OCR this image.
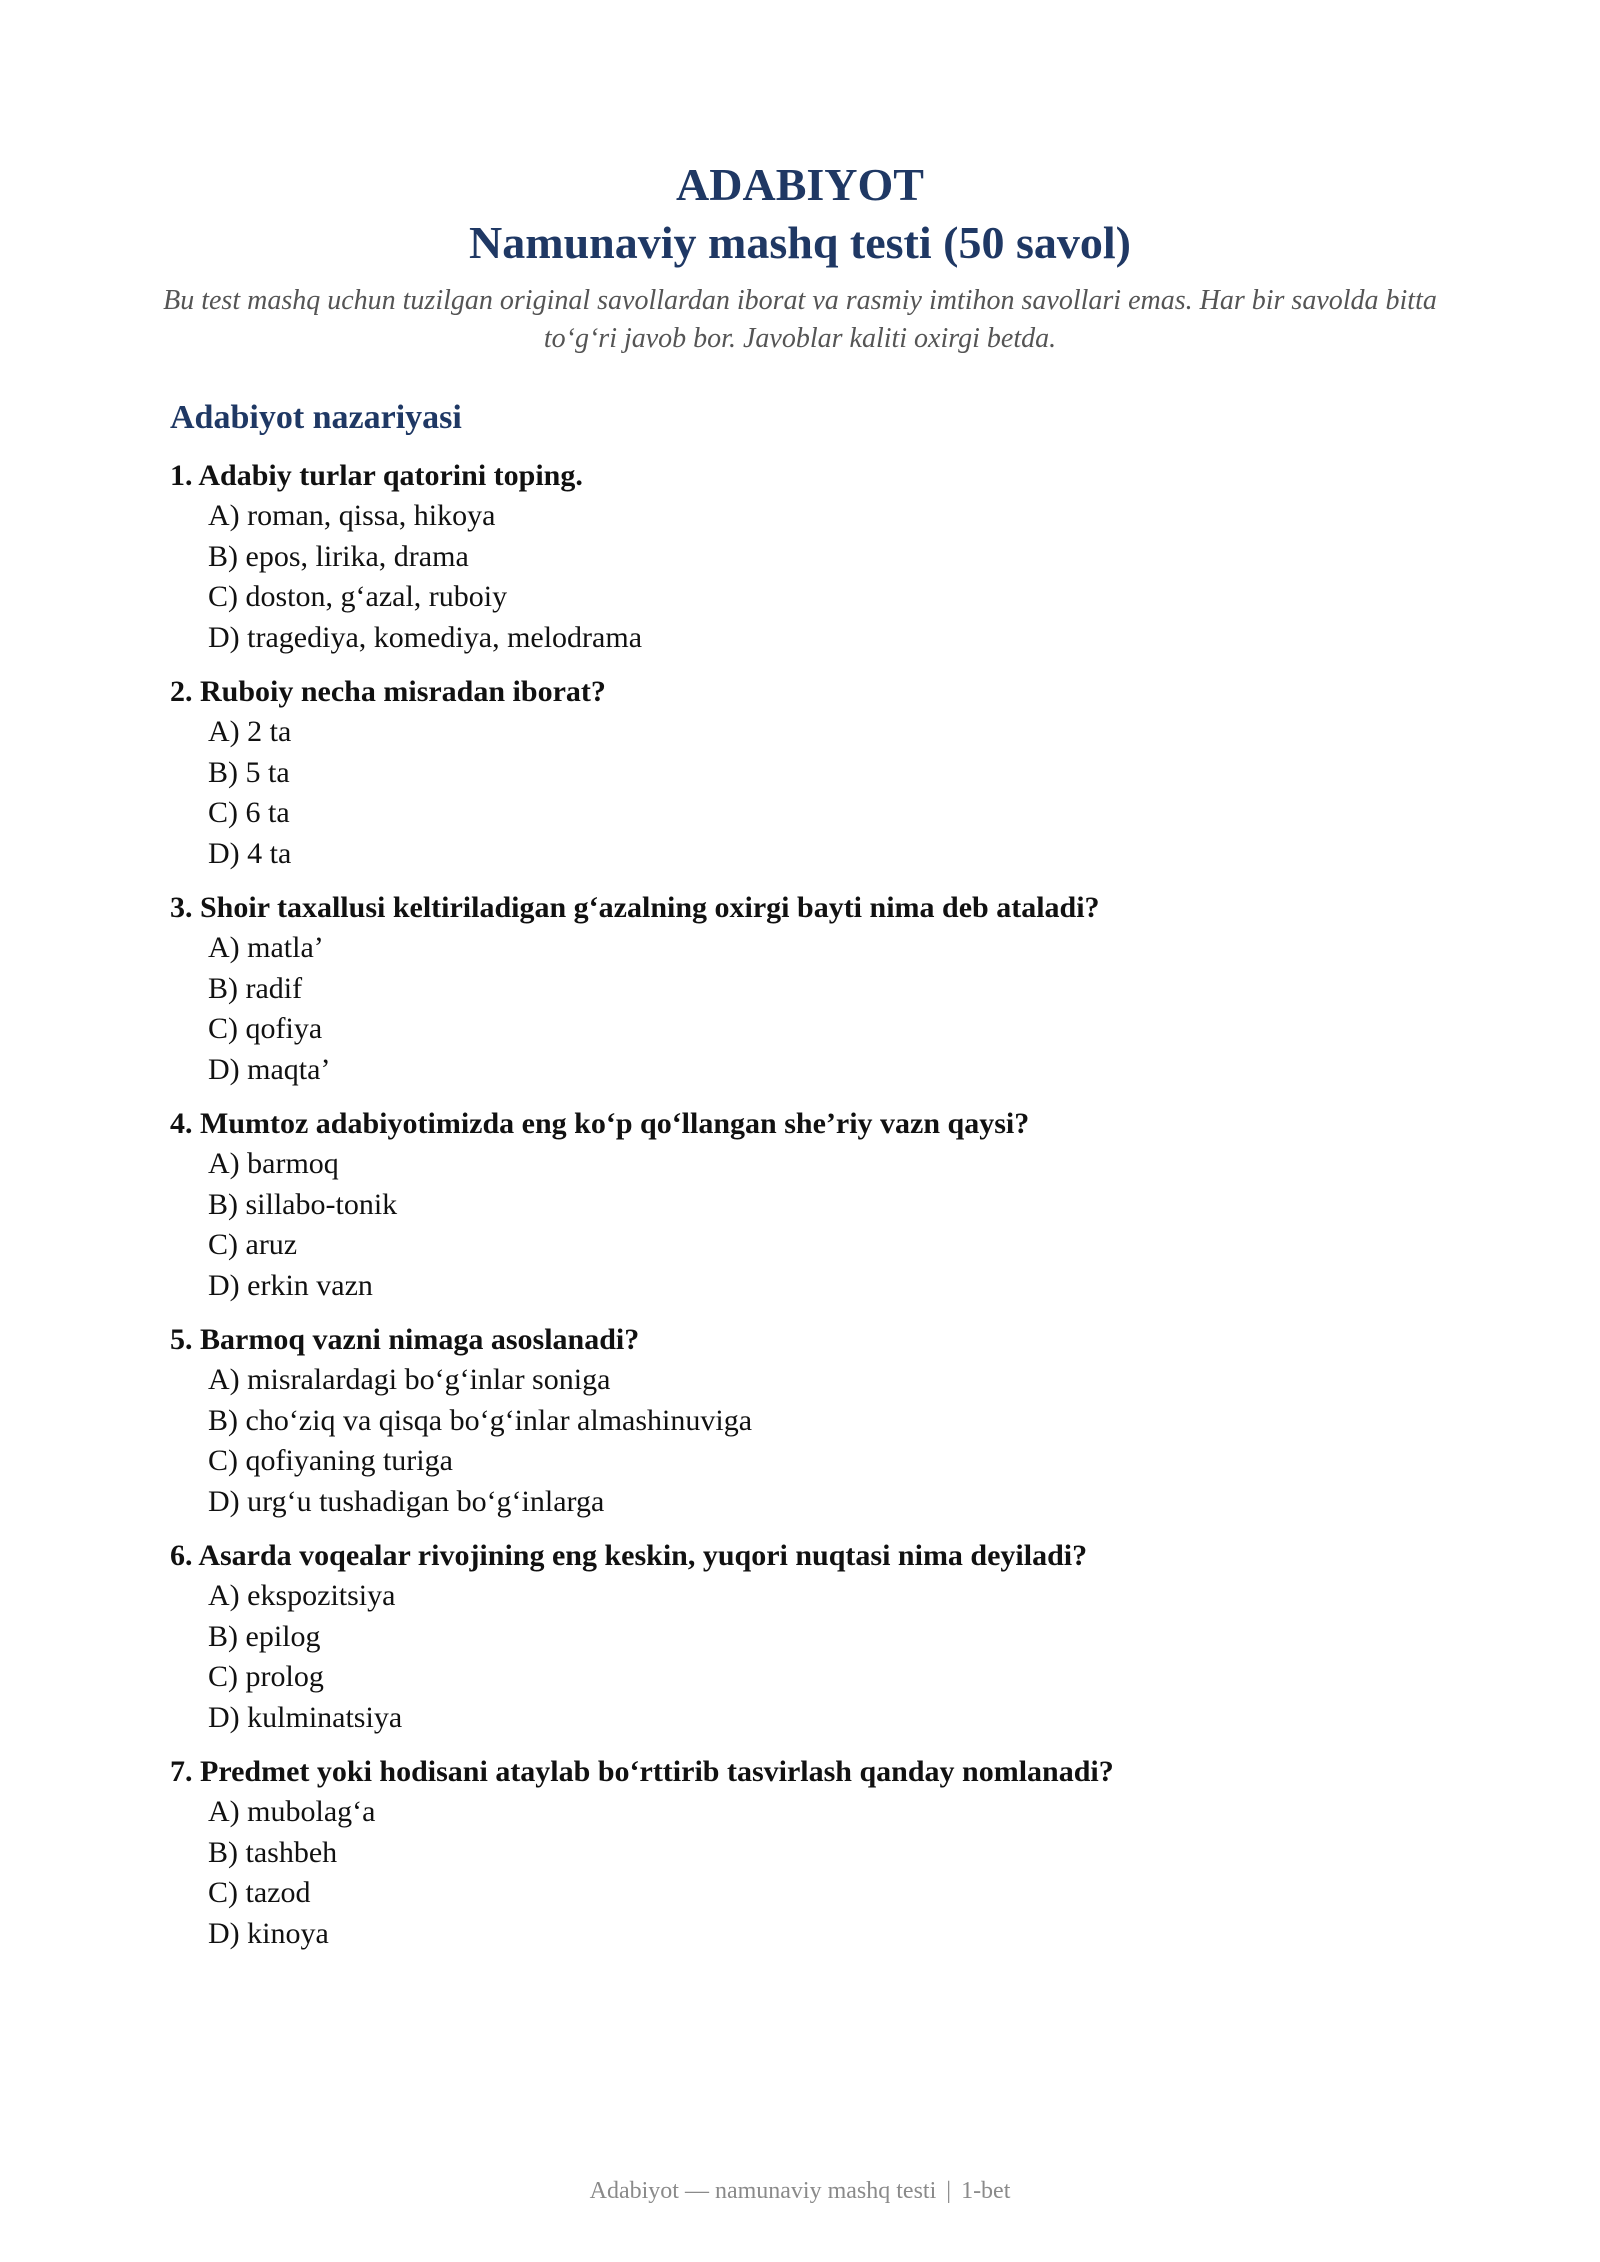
ADABIYOT
Namunaviy mashq testi (50 savol)

Bu test mashq uchun tuzilgan original savollardan iborat va rasmiy imtihon savollari emas. Har bir savolda bitta to‘g‘ri javob bor. Javoblar kaliti oxirgi betda.

Adabiyot nazariyasi
1. Adabiy turlar qatorini toping.
A) roman, qissa, hikoya
B) epos, lirika, drama
C) doston, g‘azal, ruboiy
D) tragediya, komediya, melodrama
2. Ruboiy necha misradan iborat?
A) 2 ta
B) 5 ta
C) 6 ta
D) 4 ta
3. Shoir taxallusi keltiriladigan g‘azalning oxirgi bayti nima deb ataladi?
A) matla’
B) radif
C) qofiya
D) maqta’
4. Mumtoz adabiyotimizda eng ko‘p qo‘llangan she’riy vazn qaysi?
A) barmoq
B) sillabo-tonik
C) aruz
D) erkin vazn
5. Barmoq vazni nimaga asoslanadi?
A) misralardagi bo‘g‘inlar soniga
B) cho‘ziq va qisqa bo‘g‘inlar almashinuviga
C) qofiyaning turiga
D) urg‘u tushadigan bo‘g‘inlarga
6. Asarda voqealar rivojining eng keskin, yuqori nuqtasi nima deyiladi?
A) ekspozitsiya
B) epilog
C) prolog
D) kulminatsiya
7. Predmet yoki hodisani ataylab bo‘rttirib tasvirlash qanday nomlanadi?
A) mubolag‘a
B) tashbeh
C) tazod
D) kinoya
Adabiyot — namunaviy mashq testi | 1-bet
